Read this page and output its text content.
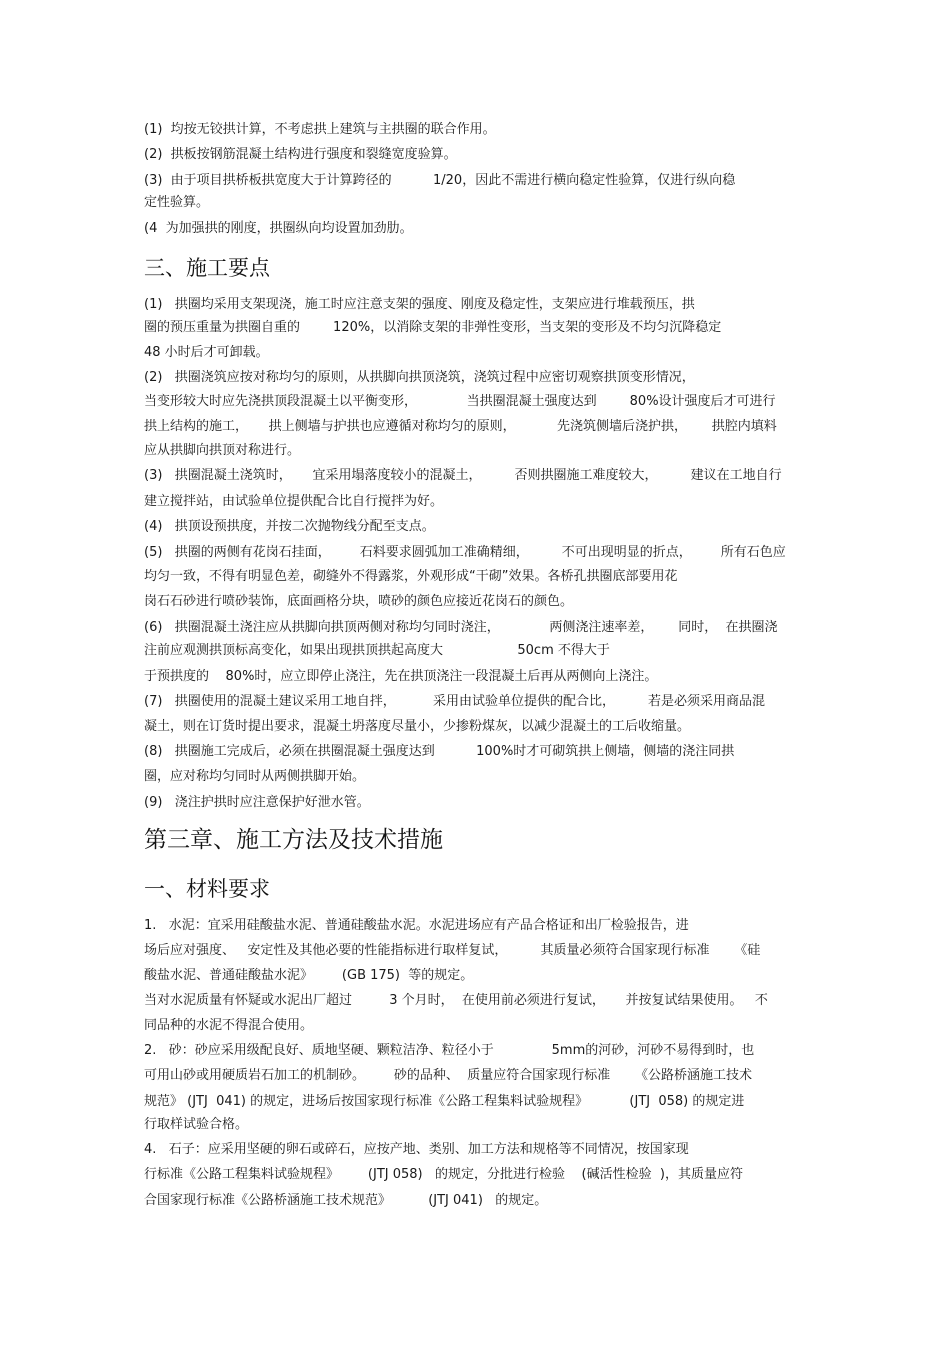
(1)  均按无铰拱计算，不考虑拱上建筑与主拱圈的联合作用。

(2)  拱板按钢筋混凝土结构进行强度和裂缝宽度验算。

(3)  由于项目拱桥板拱宽度大于计算跨径的          1/20，因此不需进行横向稳定性验算，仅进行纵向稳

定性验算。

(4  为加强拱的刚度，拱圈纵向均设置加劲肋。

三、施工要点

(1)   拱圈均采用支架现浇，施工时应注意支架的强度、刚度及稳定性，支架应进行堆载预压，拱

圈的预压重量为拱圈自重的        120%，以消除支架的非弹性变形，当支架的变形及不均匀沉降稳定

48 小时后才可卸载。

(2)   拱圈浇筑应按对称均匀的原则，从拱脚向拱顶浇筑，浇筑过程中应密切观察拱顶变形情况，

当变形较大时应先浇拱顶段混凝土以平衡变形，            当拱圈混凝土强度达到        80%设计强度后才可进行

拱上结构的施工，     拱上侧墙与护拱也应遵循对称均匀的原则，          先浇筑侧墙后浇护拱，      拱腔内填料

应从拱脚向拱顶对称进行。

(3)   拱圈混凝土浇筑时，     宜采用塌落度较小的混凝土，        否则拱圈施工难度较大，        建议在工地自行

建立搅拌站，由试验单位提供配合比自行搅拌为好。

(4)   拱顶设预拱度，并按二次抛物线分配至支点。

(5)   拱圈的两侧有花岗石挂面，       石料要求圆弧加工准确精细，        不可出现明显的折点，       所有石色应

均匀一致，不得有明显色差，砌缝外不得露浆，外观形成“干砌”效果。各桥孔拱圈底部要用花

岗石石砂进行喷砂装饰，底面画格分块，喷砂的颜色应接近花岗石的颜色。

(6)   拱圈混凝土浇注应从拱脚向拱顶两侧对称均匀同时浇注，            两侧浇注速率差，      同时，  在拱圈浇

注前应观测拱顶标高变化，如果出现拱顶拱起高度大                  50cm 不得大于

于预拱度的    80%时，应立即停止浇注，先在拱顶浇注一段混凝土后再从两侧向上浇注。

(7)   拱圈使用的混凝土建议采用工地自拌，         采用由试验单位提供的配合比，        若是必须采用商品混

凝土，则在订货时提出要求，混凝土坍落度尽量小，少掺粉煤灰，以减少混凝土的工后收缩量。

(8)   拱圈施工完成后，必须在拱圈混凝土强度达到          100%时才可砌筑拱上侧墙，侧墙的浇注同拱

圈，应对称均匀同时从两侧拱脚开始。

(9)   浇注护拱时应注意保护好泄水管。

第三章、施工方法及技术措施
一、材料要求

1.   水泥：宜采用硅酸盐水泥、普通硅酸盐水泥。水泥进场应有产品合格证和出厂检验报告，进

场后应对强度、   安定性及其他必要的性能指标进行取样复试，        其质量必须符合国家现行标准      《硅

酸盐水泥、普通硅酸盐水泥》       (GB 175)  等的规定。

当对水泥质量有怀疑或水泥出厂超过         3 个月时，  在使用前必须进行复试，     并按复试结果使用。   不

同品种的水泥不得混合使用。

2.   砂：砂应采用级配良好、质地坚硬、颗粒洁净、粒径小于              5mm的河砂，河砂不易得到时，也

可用山砂或用硬质岩石加工的机制砂。       砂的品种、  质量应符合国家现行标准      《公路桥涵施工技术

规范》 (JTJ  041) 的规定，进场后按国家现行标准《公路工程集料试验规程》          (JTJ  058) 的规定进

行取样试验合格。

4.   石子：应采用坚硬的卵石或碎石，应按产地、类别、加工方法和规格等不同情况，按国家现

行标准《公路工程集料试验规程》       (JTJ 058)   的规定，分批进行检验    (碱活性检验  )，其质量应符

合国家现行标准《公路桥涵施工技术规范》         (JTJ 041)   的规定。
